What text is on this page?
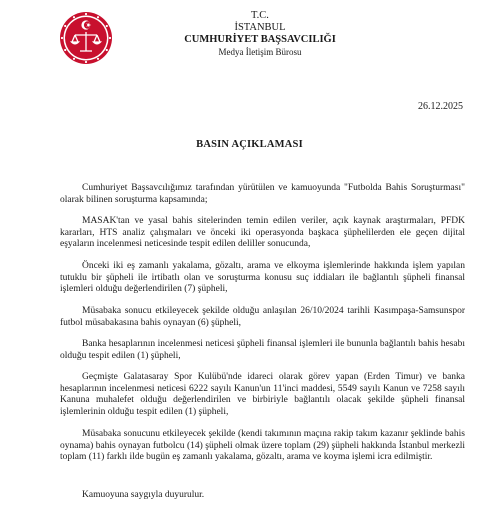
T.C.
İSTANBUL
CUMHURİYET BAŞSAVCILIĞI
Medya İletişim Bürosu
26.12.2025
BASIN AÇIKLAMASI
Cumhuriyet Başsavcılığımız tarafından yürütülen ve kamuoyunda "Futbolda Bahis Soruşturması" olarak bilinen soruşturma kapsamında;
MASAK'tan ve yasal bahis sitelerinden temin edilen veriler, açık kaynak araştırmaları, PFDK kararları, HTS analiz çalışmaları ve önceki iki operasyonda başkaca şüphelilerden ele geçen dijital eşyaların incelenmesi neticesinde tespit edilen deliller sonucunda,
Önceki iki eş zamanlı yakalama, gözaltı, arama ve elkoyma işlemlerinde hakkında işlem yapılan tutuklu bir şüpheli ile irtibatlı olan ve soruşturma konusu suç iddiaları ile bağlantılı şüpheli finansal işlemleri olduğu değerlendirilen (7) şüpheli,
Müsabaka sonucu etkileyecek şekilde olduğu anlaşılan 26/10/2024 tarihli Kasımpaşa-Samsunspor futbol müsabakasına bahis oynayan (6) şüpheli,
Banka hesaplarının incelenmesi neticesi şüpheli finansal işlemleri ile bununla bağlantılı bahis hesabı olduğu tespit edilen (1) şüpheli,
Geçmişte Galatasaray Spor Kulübü'nde idareci olarak görev yapan (Erden Timur) ve banka hesaplarının incelenmesi neticesi 6222 sayılı Kanun'un 11'inci maddesi, 5549 sayılı Kanun ve 7258 sayılı Kanuna muhalefet olduğu değerlendirilen ve birbiriyle bağlantılı olacak şekilde şüpheli finansal işlemlerinin olduğu tespit edilen (1) şüpheli,
Müsabaka sonucunu etkileyecek şekilde (kendi takımının maçına rakip takım kazanır şeklinde bahis oynama) bahis oynayan futbolcu (14) şüpheli olmak üzere toplam (29) şüpheli hakkında İstanbul merkezli toplam (11) farklı ilde bugün eş zamanlı yakalama, gözaltı, arama ve koyma işlemi icra edilmiştir.
Kamuoyuna saygıyla duyurulur.
